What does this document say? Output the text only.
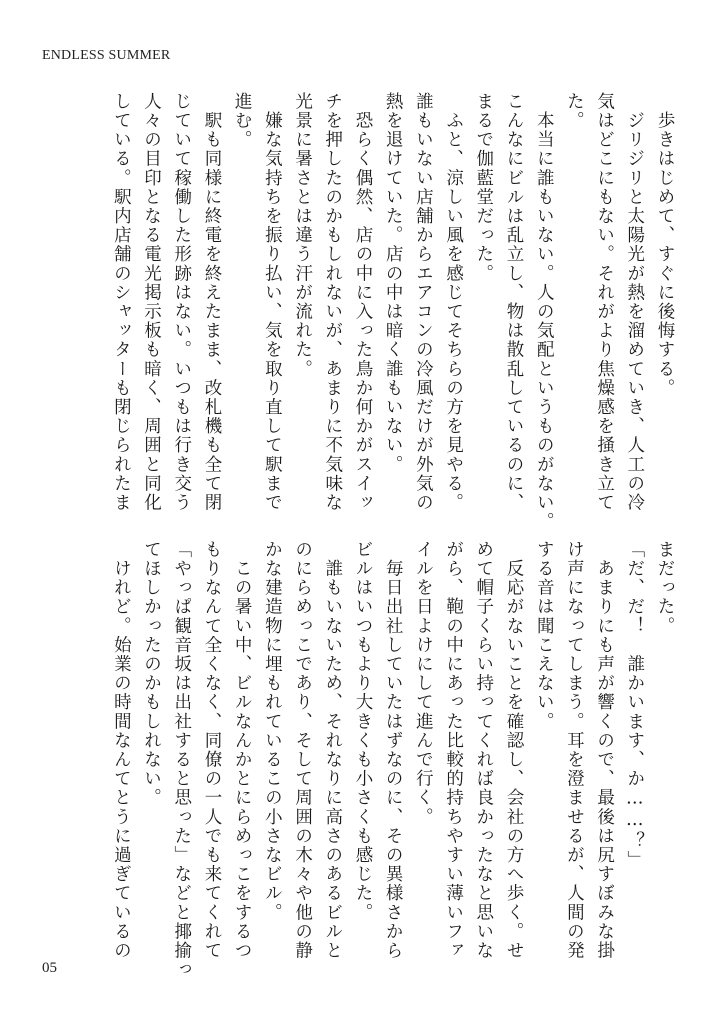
ENDLESS SUMMER
　歩きはじめて、すぐに後悔する。
　ジリジリと太陽光が熱を溜めていき、人工の冷
気はどこにもない。それがより焦燥感を掻き立て
た。
　本当に誰もいない。人の気配というものがない。
こんなにビルは乱立し、物は散乱しているのに、
まるで伽藍堂だった。
　ふと、涼しい風を感じてそちらの方を見やる。
誰もいない店舗からエアコンの冷風だけが外気の
熱を退けていた。店の中は暗く誰もいない。
　恐らく偶然、店の中に入った鳥か何かがスイッ
チを押したのかもしれないが、あまりに不気味な
光景に暑さとは違う汗が流れた。
　嫌な気持ちを振り払い、気を取り直して駅まで
進む。
　駅も同様に終電を終えたまま、改札機も全て閉
じていて稼働した形跡はない。いつもは行き交う
人々の目印となる電光掲示板も暗く、周囲と同化
している。駅内店舗のシャッターも閉じられたま
まだった。
「だ、だ！　誰かいます、か……？」
　あまりにも声が響くので、最後は尻すぼみな掛
け声になってしまう。耳を澄ませるが、人間の発
する音は聞こえない。
　反応がないことを確認し、会社の方へ歩く。せ
めて帽子くらい持ってくれば良かったなと思いな
がら、鞄の中にあった比較的持ちやすい薄いファ
イルを日よけにして進んで行く。
　毎日出社していたはずなのに、その異様さから
ビルはいつもより大きくも小さくも感じた。
　誰もいないため、それなりに高さのあるビルと
のにらめっこであり、そして周囲の木々や他の静
かな建造物に埋もれているこの小さなビル。
　この暑い中、ビルなんかとにらめっこをするつ
もりなんて全くなく、同僚の一人でも来てくれて
「やっぱ観音坂は出社すると思った」などと揶揄っ
てほしかったのかもしれない。
　けれど。始業の時間なんてとうに過ぎているの
05
